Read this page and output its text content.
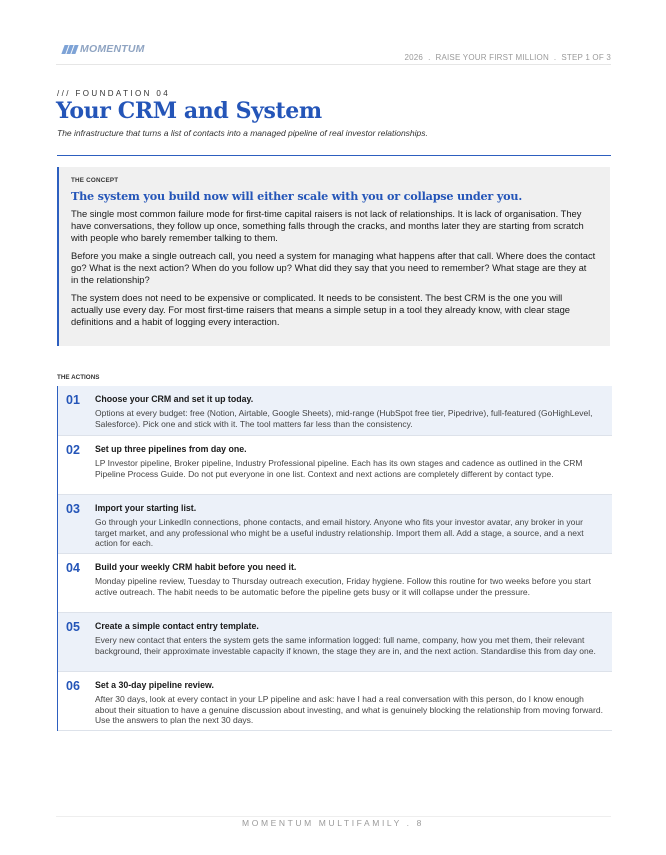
MOMENTUM
2026 . RAISE YOUR FIRST MILLION . STEP 1 OF 3
/// FOUNDATION 04
Your CRM and System
The infrastructure that turns a list of contacts into a managed pipeline of real investor relationships.
THE CONCEPT
The system you build now will either scale with you or collapse under you.

The single most common failure mode for first-time capital raisers is not lack of relationships. It is lack of organisation. They have conversations, they follow up once, something falls through the cracks, and months later they are starting from scratch with people who barely remember talking to them.

Before you make a single outreach call, you need a system for managing what happens after that call. Where does the contact go? What is the next action? When do you follow up? What did they say that you need to remember? What stage are they at in the relationship?

The system does not need to be expensive or complicated. It needs to be consistent. The best CRM is the one you will actually use every day. For most first-time raisers that means a simple setup in a tool they already know, with clear stage definitions and a habit of logging every interaction.

THE ACTIONS
01 Choose your CRM and set it up today.
Options at every budget: free (Notion, Airtable, Google Sheets), mid-range (HubSpot free tier, Pipedrive), full-featured (GoHighLevel, Salesforce). Pick one and stick with it. The tool matters far less than the consistency.
02 Set up three pipelines from day one.
LP Investor pipeline, Broker pipeline, Industry Professional pipeline. Each has its own stages and cadence as outlined in the CRM Pipeline Process Guide. Do not put everyone in one list. Context and next actions are completely different by contact type.
03 Import your starting list.
Go through your LinkedIn connections, phone contacts, and email history. Anyone who fits your investor avatar, any broker in your target market, and any professional who might be a useful industry relationship. Import them all. Add a stage, a source, and a next action for each.
04 Build your weekly CRM habit before you need it.
Monday pipeline review, Tuesday to Thursday outreach execution, Friday hygiene. Follow this routine for two weeks before you start active outreach. The habit needs to be automatic before the pipeline gets busy or it will collapse under the pressure.
05 Create a simple contact entry template.
Every new contact that enters the system gets the same information logged: full name, company, how you met them, their relevant background, their approximate investable capacity if known, the stage they are in, and the next action. Standardise this from day one.
06 Set a 30-day pipeline review.
After 30 days, look at every contact in your LP pipeline and ask: have I had a real conversation with this person, do I know enough about their situation to have a genuine discussion about investing, and what is genuinely blocking the relationship from moving forward. Use the answers to plan the next 30 days.
MOMENTUM MULTIFAMILY . 8
